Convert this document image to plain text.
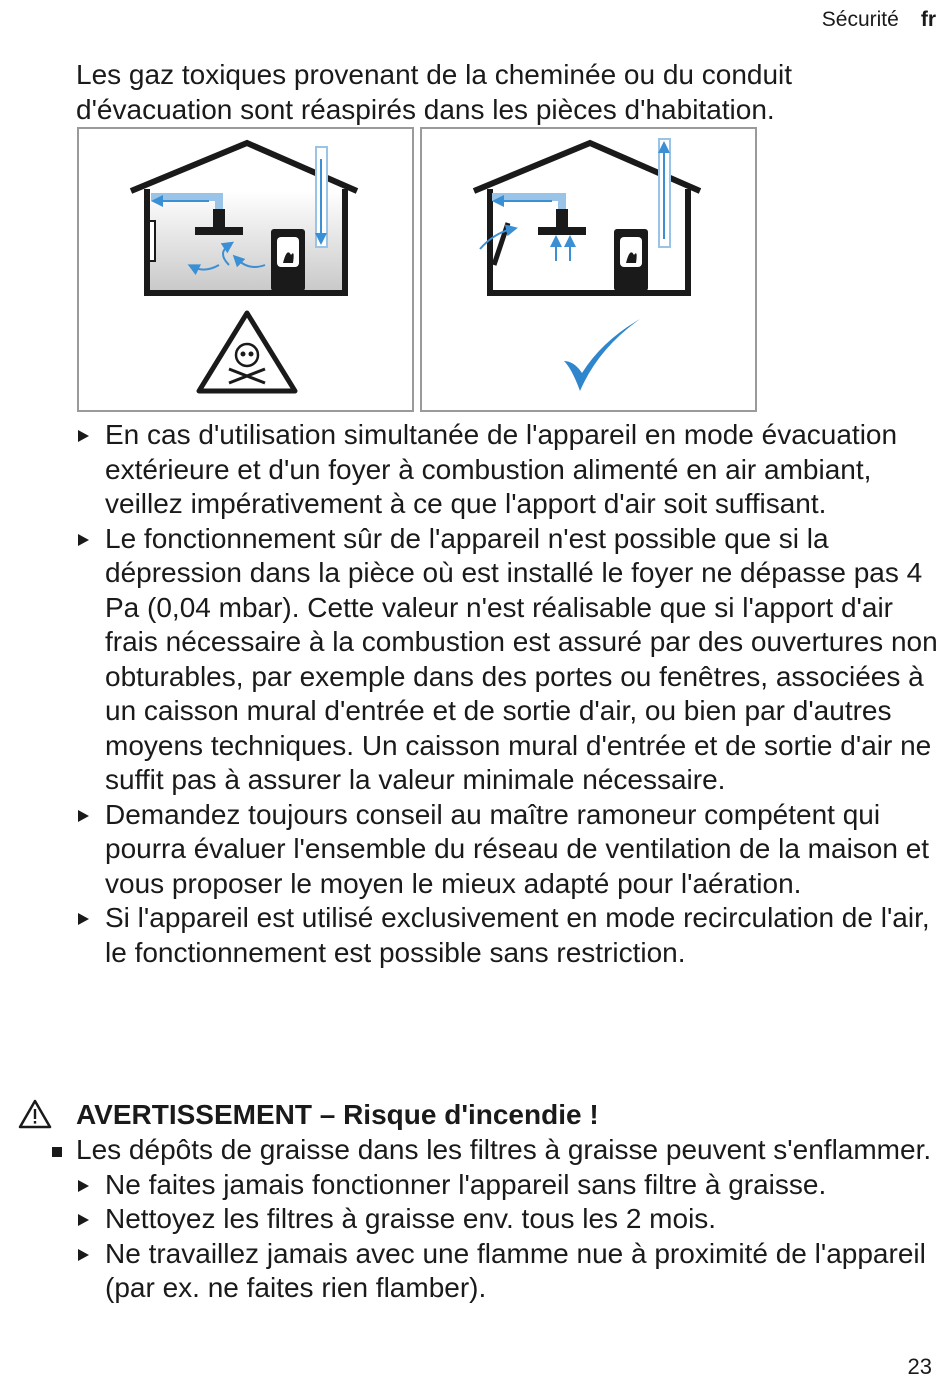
Sécurité fr
Les gaz toxiques provenant de la cheminée ou du conduit d'évacuation sont réaspirés dans les pièces d'habitation.
En cas d'utilisation simultanée de l'appareil en mode évacuation extérieure et d'un foyer à combustion alimenté en air ambiant, veillez impérativement à ce que l'apport d'air soit suffisant.
Le fonctionnement sûr de l'appareil n'est possible que si la dépression dans la pièce où est installé le foyer ne dépasse pas 4 Pa (0,04 mbar). Cette valeur n'est réalisable que si l'apport d'air frais nécessaire à la combustion est assuré par des ouvertures non obturables, par exemple dans des portes ou fenêtres, associées à un caisson mural d'entrée et de sortie d'air, ou bien par d'autres moyens techniques. Un caisson mural d'entrée et de sortie d'air ne suffit pas à assurer la valeur minimale nécessaire.
Demandez toujours conseil au maître ramoneur compétent qui pourra évaluer l'ensemble du réseau de ventilation de la maison et vous proposer le moyen le mieux adapté pour l'aération.
Si l'appareil est utilisé exclusivement en mode recirculation de l'air, le fonctionnement est possible sans restriction.
AVERTISSEMENT – Risque d'incendie !
Les dépôts de graisse dans les filtres à graisse peuvent s'enflammer.
Ne faites jamais fonctionner l'appareil sans filtre à graisse.
Nettoyez les filtres à graisse env. tous les 2 mois.
Ne travaillez jamais avec une flamme nue à proximité de l'appareil (par ex. ne faites rien flamber).
23
